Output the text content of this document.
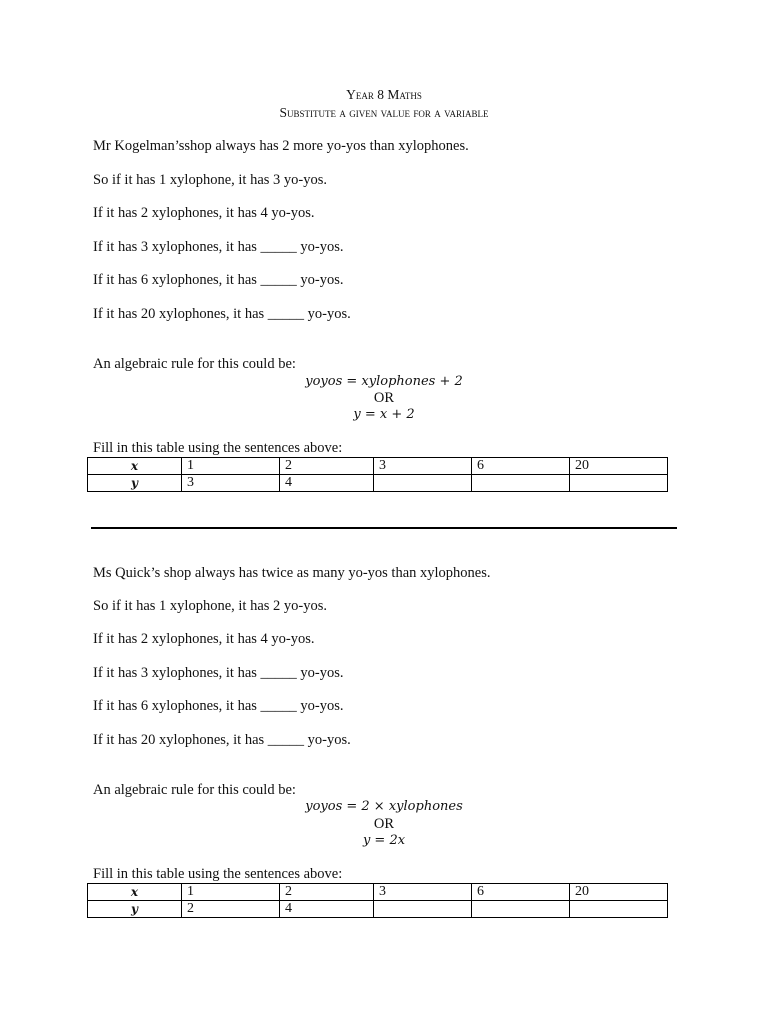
Year 8 Maths
Substitute a given value for a variable
Mr Kogelman’sshop always has 2 more yo-yos than xylophones.
So if it has 1 xylophone, it has 3 yo-yos.
If it has 2 xylophones, it has 4 yo-yos.
If it has 3 xylophones, it has _____ yo-yos.
If it has 6 xylophones, it has _____ yo-yos.
If it has 20 xylophones, it has _____ yo-yos.
An algebraic rule for this could be:
yoyos = xylophones + 2
OR
y = x + 2
Fill in this table using the sentences above:
x	1	2	3	6	20
y	3	4			
Ms Quick’s shop always has twice as many yo-yos than xylophones.
So if it has 1 xylophone, it has 2 yo-yos.
If it has 2 xylophones, it has 4 yo-yos.
If it has 3 xylophones, it has _____ yo-yos.
If it has 6 xylophones, it has _____ yo-yos.
If it has 20 xylophones, it has _____ yo-yos.
An algebraic rule for this could be:
yoyos = 2 × xylophones
OR
y = 2x
Fill in this table using the sentences above:
x	1	2	3	6	20
y	2	4			
